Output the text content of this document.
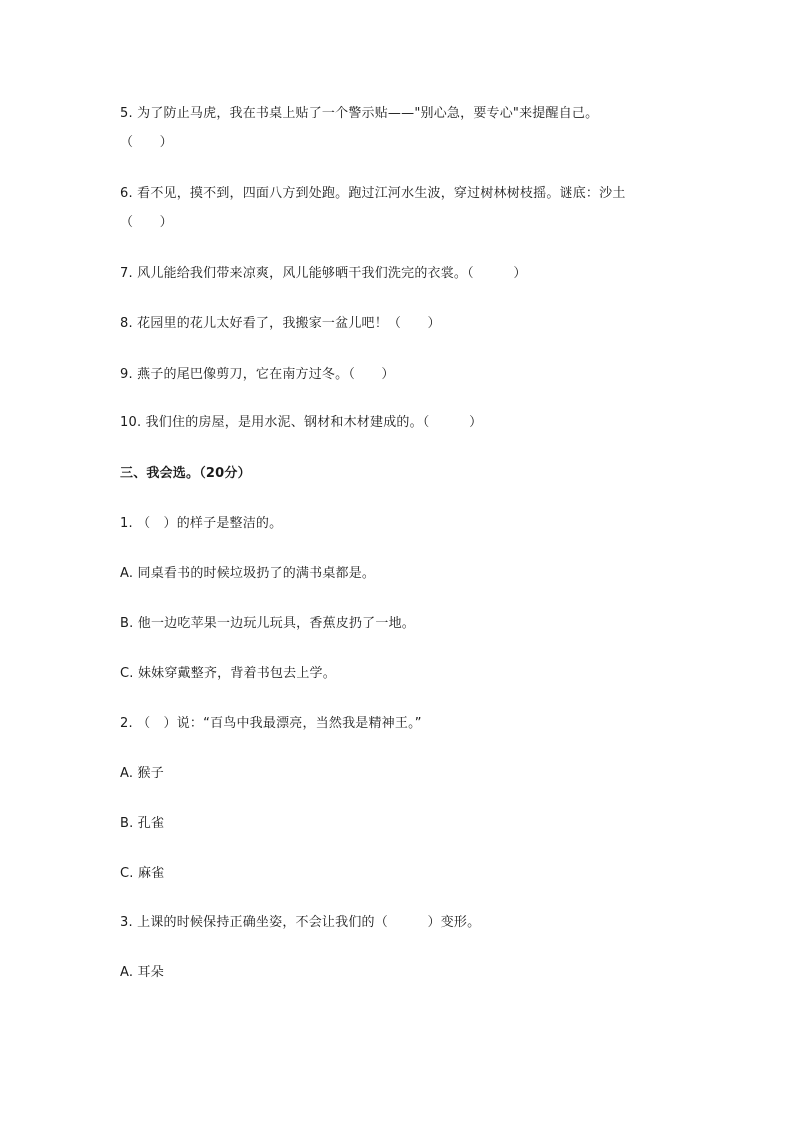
5. 为了防止马虎，我在书桌上贴了一个警示贴——"别心急，要专心"来提醒自己。
（　　）
6. 看不见，摸不到，四面八方到处跑。跑过江河水生波，穿过树林树枝摇。谜底：沙土
（　　）
7. 风儿能给我们带来凉爽，风儿能够晒干我们洗完的衣裳。（　　　）
8. 花园里的花儿太好看了，我搬家一盆儿吧！（　　）
9. 燕子的尾巴像剪刀，它在南方过冬。（　　）
10. 我们住的房屋，是用水泥、钢材和木材建成的。（　　　）
三、我会选。（20分）
1. （　）的样子是整洁的。
A. 同桌看书的时候垃圾扔了的满书桌都是。
B. 他一边吃苹果一边玩儿玩具，香蕉皮扔了一地。
C. 妹妹穿戴整齐，背着书包去上学。
2. （　）说：“百鸟中我最漂亮，当然我是精神王。”
A. 猴子
B. 孔雀
C. 麻雀
3. 上课的时候保持正确坐姿，不会让我们的（　　　）变形。
A. 耳朵
